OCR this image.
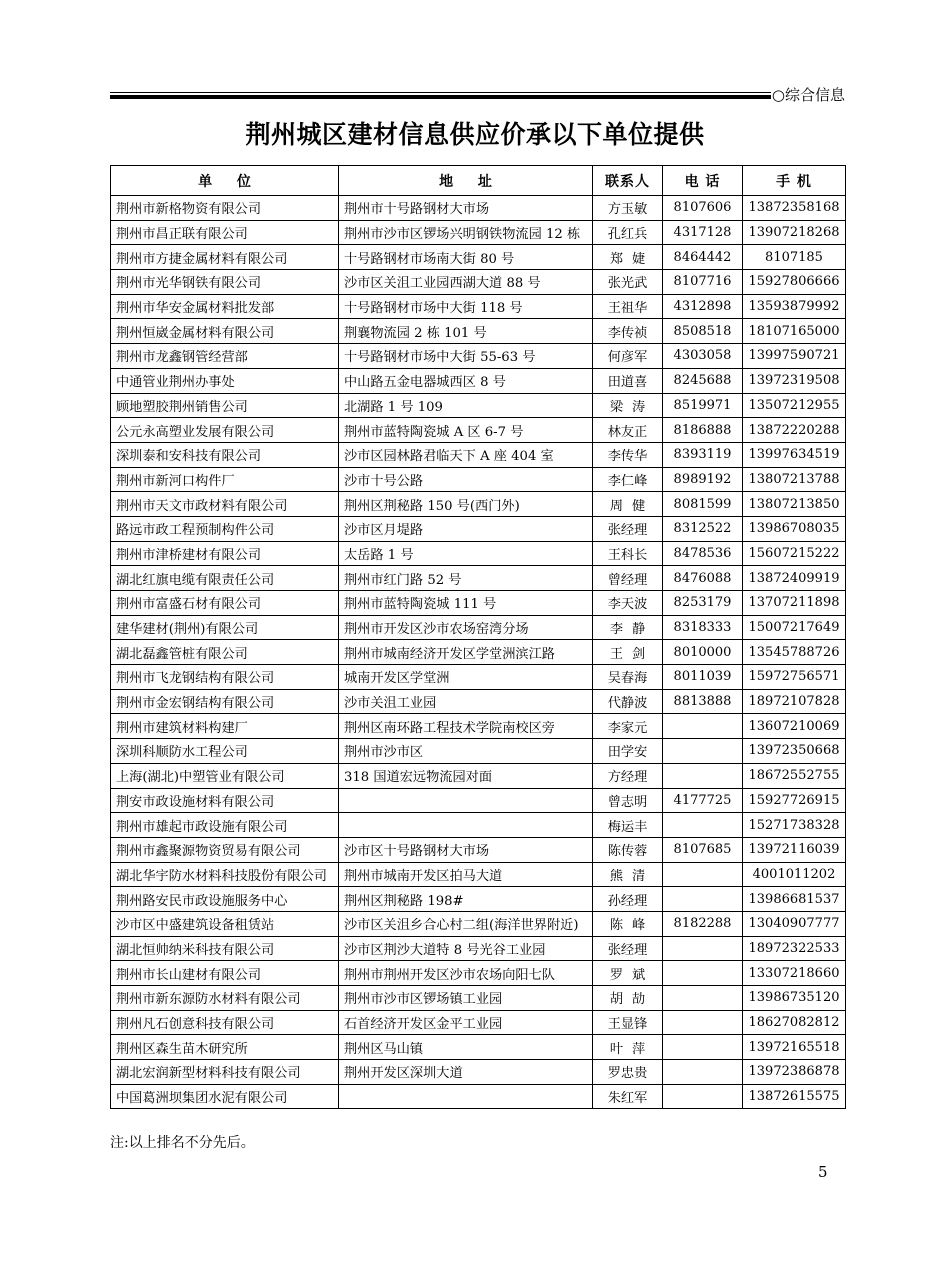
○综合信息
荆州城区建材信息供应价承以下单位提供
单 位	地 址	联系人	电 话	手 机
荆州市新格物资有限公司	荆州市十号路钢材大市场	方玉敏	8107606	13872358168
荆州市昌正联有限公司	荆州市沙市区锣场兴明钢铁物流园 12 栋	孔红兵	4317128	13907218268
荆州市方捷金属材料有限公司	十号路钢材市场南大街 80 号	郑婕	8464442	8107185
荆州市光华钢铁有限公司	沙市区关沮工业园西湖大道 88 号	张光武	8107716	15927806666
荆州市华安金属材料批发部	十号路钢材市场中大街 118 号	王祖华	4312898	13593879992
荆州恒崴金属材料有限公司	荆襄物流园 2 栋 101 号	李传祯	8508518	18107165000
荆州市龙鑫钢管经营部	十号路钢材市场中大街 55-63 号	何彦军	4303058	13997590721
中通管业荆州办事处	中山路五金电器城西区 8 号	田道喜	8245688	13972319508
顾地塑胶荆州销售公司	北湖路 1 号 109	梁涛	8519971	13507212955
公元永高塑业发展有限公司	荆州市蓝特陶瓷城 A 区 6-7 号	林友正	8186888	13872220288
深圳泰和安科技有限公司	沙市区园林路君临天下 A 座 404 室	李传华	8393119	13997634519
荆州市新河口构件厂	沙市十号公路	李仁峰	8989192	13807213788
荆州市天文市政材料有限公司	荆州区荆秘路 150 号(西门外)	周健	8081599	13807213850
路远市政工程预制构件公司	沙市区月堤路	张经理	8312522	13986708035
荆州市津桥建材有限公司	太岳路 1 号	王科长	8478536	15607215222
湖北红旗电缆有限责任公司	荆州市红门路 52 号	曾经理	8476088	13872409919
荆州市富盛石材有限公司	荆州市蓝特陶瓷城 111 号	李天波	8253179	13707211898
建华建材(荆州)有限公司	荆州市开发区沙市农场窑湾分场	李静	8318333	15007217649
湖北磊鑫管桩有限公司	荆州市城南经济开发区学堂洲滨江路	王剑	8010000	13545788726
荆州市飞龙钢结构有限公司	城南开发区学堂洲	吴春海	8011039	15972756571
荆州市金宏钢结构有限公司	沙市关沮工业园	代静波	8813888	18972107828
荆州市建筑材料构建厂	荆州区南环路工程技术学院南校区旁	李家元		13607210069
深圳科顺防水工程公司	荆州市沙市区	田学安		13972350668
上海(湖北)中塑管业有限公司	318 国道宏远物流园对面	方经理		18672552755
荆安市政设施材料有限公司		曾志明	4177725	15927726915
荆州市雄起市政设施有限公司		梅运丰		15271738328
荆州市鑫聚源物资贸易有限公司	沙市区十号路钢材大市场	陈传蓉	8107685	13972116039
湖北华宇防水材料科技股份有限公司	荆州市城南开发区拍马大道	熊清		4001011202
荆州路安民市政设施服务中心	荆州区荆秘路 198#	孙经理		13986681537
沙市区中盛建筑设备租赁站	沙市区关沮乡合心村二组(海洋世界附近)	陈峰	8182288	13040907777
湖北恒帅纳米科技有限公司	沙市区荆沙大道特 8 号光谷工业园	张经理		18972322533
荆州市长山建材有限公司	荆州市荆州开发区沙市农场向阳七队	罗斌		13307218660
荆州市新东源防水材料有限公司	荆州市沙市区锣场镇工业园	胡劼		13986735120
荆州凡石创意科技有限公司	石首经济开发区金平工业园	王显锋		18627082812
荆州区森生苗木研究所	荆州区马山镇	叶萍		13972165518
湖北宏润新型材料科技有限公司	荆州开发区深圳大道	罗忠贵		13972386878
中国葛洲坝集团水泥有限公司		朱红军		13872615575
注:以上排名不分先后。
5
